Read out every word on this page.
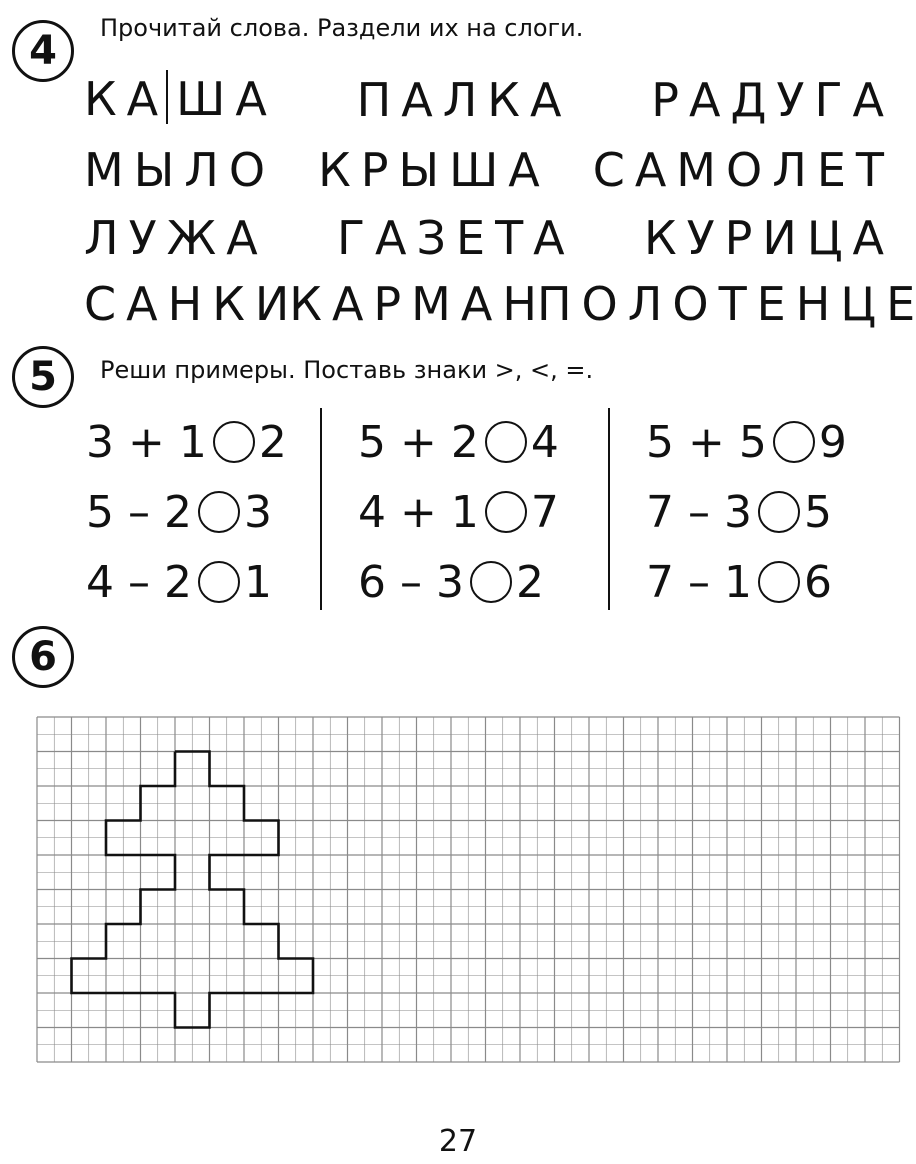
4 Прочитай слова. Раздели их на слоги.
К А Ш А П А Л К А Р А Д У Г А
М Ы Л О К Р Ы Ш А С А М О Л Е Т
Л У Ж А Г А З Е Т А К У Р И Ц А
С А Н К И К А Р М А Н П О Л О Т Е Н Ц Е
5 Реши примеры. Поставь знаки >, <, =.
3 + 1 2
5 – 2 3
4 – 2 1
5 + 2 4
4 + 1 7
6 – 3 2
5 + 5 9
7 – 3 5
7 – 1 6
6
27
